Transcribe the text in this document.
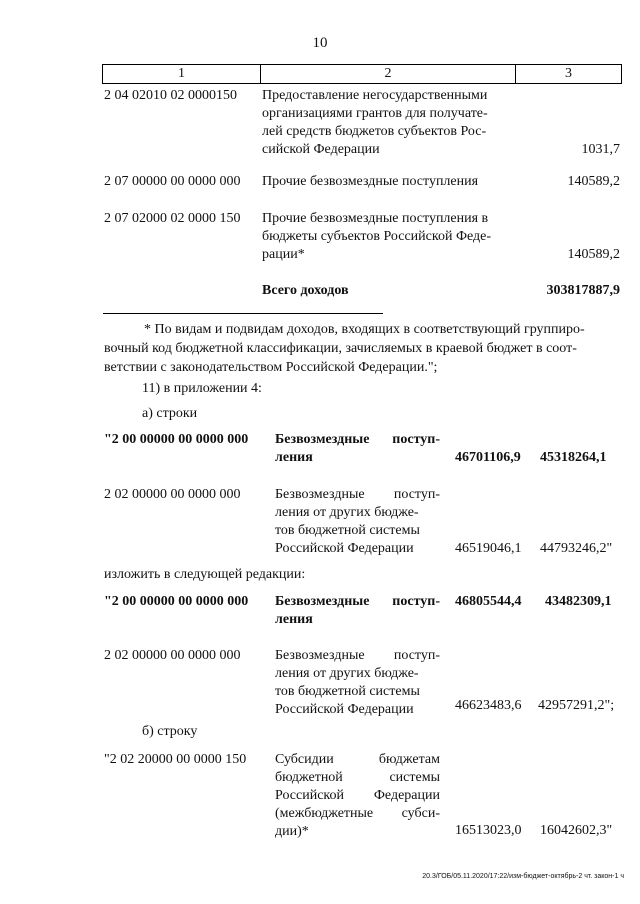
10
1	2	3
2 04 02010 02 0000150 Предоставление негосударственными
организациями грантов для получате-
лей средств бюджетов субъектов Рос-
сийской Федерации	1031,7
2 07 00000 00 0000 000 Прочие безвозмездные поступления	140589,2
2 07 02000 02 0000 150 Прочие безвозмездные поступления в
бюджеты субъектов Российской Феде-
рации*	140589,2
Всего доходов	303817887,9
* По видам и подвидам доходов, входящих в соответствующий группиро-
вочный код бюджетной классификации, зачисляемых в краевой бюджет в соот-
ветствии с законодательством Российской Федерации.";
11) в приложении 4:
а) строки
"2 00 00000 00 0000 000 Безвозмездные поступ-
ления	46701106,9 45318264,1
2 02 00000 00 0000 000 Безвозмездные поступ-
ления от других бюдже-
тов бюджетной системы
Российской Федерации	46519046,1 44793246,2"
изложить в следующей редакции:
"2 00 00000 00 0000 000 Безвозмездные поступ-
ления
46805544,4 43482309,1
2 02 00000 00 0000 000 Безвозмездные поступ-
ления от других бюдже-
тов бюджетной системы
Российской Федерации	46623483,6 42957291,2";
б) строку
"2 02 20000 00 0000 150 Субсидии бюджетам
бюджетной системы
Российской Федерации
(межбюджетные субси-
дии)*	16513023,0 16042602,3"
20.3/ГОБ/05.11.2020/17:22/изм-бюджет-октябрь-2 чт. закон-1 ч
